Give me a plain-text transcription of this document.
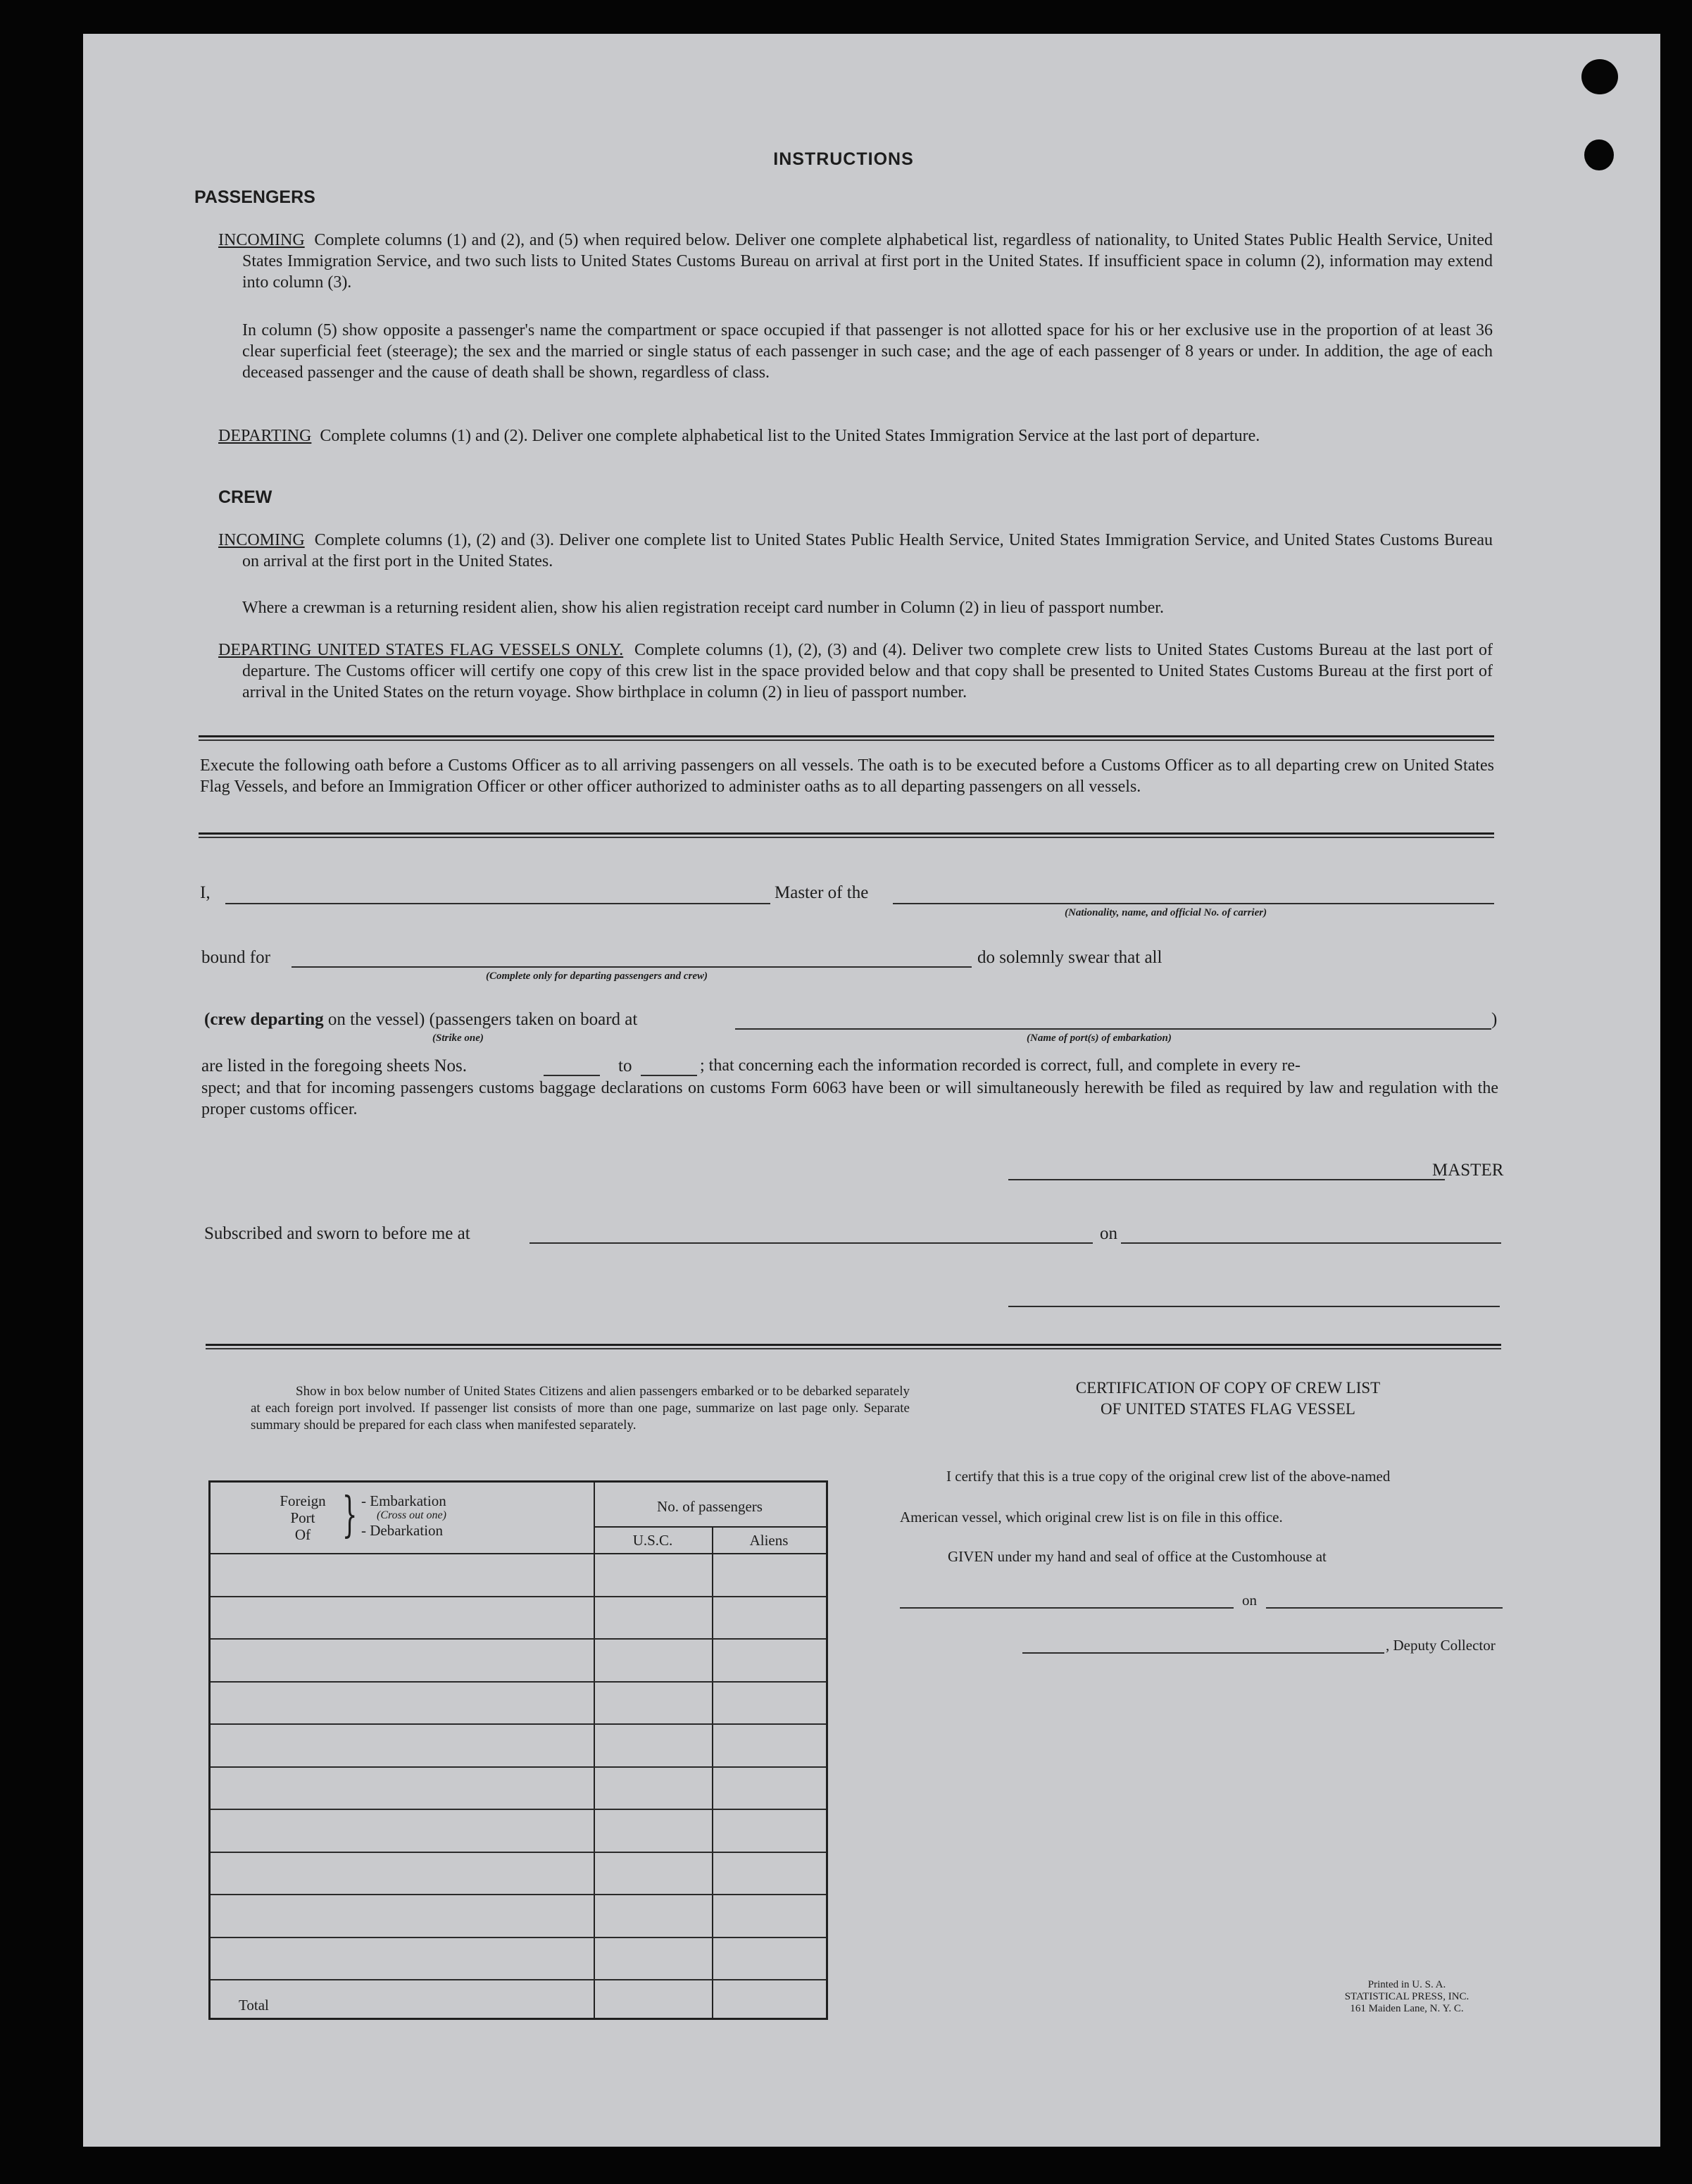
INSTRUCTIONS
PASSENGERS
INCOMING Complete columns (1) and (2), and (5) when required below. Deliver one complete alphabetical list, regardless of nationality, to United States Public Health Service, United States Immigration Service, and two such lists to United States Customs Bureau on arrival at first port in the United States. If insufficient space in column (2), information may extend into column (3).
In column (5) show opposite a passenger's name the compartment or space occupied if that passenger is not allotted space for his or her exclusive use in the proportion of at least 36 clear superficial feet (steerage); the sex and the married or single status of each passenger in such case; and the age of each passenger of 8 years or under. In addition, the age of each deceased passenger and the cause of death shall be shown, regardless of class.
DEPARTING Complete columns (1) and (2). Deliver one complete alphabetical list to the United States Immigration Service at the last port of departure.
CREW
INCOMING Complete columns (1), (2) and (3). Deliver one complete list to United States Public Health Service, United States Immigration Service, and United States Customs Bureau on arrival at the first port in the United States.
Where a crewman is a returning resident alien, show his alien registration receipt card number in Column (2) in lieu of passport number.
DEPARTING UNITED STATES FLAG VESSELS ONLY. Complete columns (1), (2), (3) and (4). Deliver two complete crew lists to United States Customs Bureau at the last port of departure. The Customs officer will certify one copy of this crew list in the space provided below and that copy shall be presented to United States Customs Bureau at the first port of arrival in the United States on the return voyage. Show birthplace in column (2) in lieu of passport number.
Execute the following oath before a Customs Officer as to all arriving passengers on all vessels. The oath is to be executed before a Customs Officer as to all departing crew on United States Flag Vessels, and before an Immigration Officer or other officer authorized to administer oaths as to all departing passengers on all vessels.
I,	Master of the
(Nationality, name, and official No. of carrier)
bound for
(Complete only for departing passengers and crew)
do solemnly swear that all
(crew departing on the vessel) (passengers taken on board at
(Strike one)
)
(Name of port(s) of embarkation)
are listed in the foregoing sheets Nos.	to	; that concerning each the information recorded is correct, full, and complete in every re-
spect; and that for incoming passengers customs baggage declarations on customs Form 6063 have been or will simultaneously herewith be filed as required by law and regulation with the proper customs officer.
MASTER
Subscribed and sworn to before me at	on
Show in box below number of United States Citizens and alien passengers embarked or to be debarked separately at each foreign port involved. If passenger list consists of more than one page, summarize on last page only. Separate summary should be prepared for each class when manifested separately.
Foreign
Port
Of } - Embarkation
(Cross out one)
- Debarkation
No. of passengers
U.S.C.	Aliens
Total
CERTIFICATION OF COPY OF CREW LIST
OF UNITED STATES FLAG VESSEL
I certify that this is a true copy of the original crew list of the above-named
American vessel, which original crew list is on file in this office.
GIVEN under my hand and seal of office at the Customhouse at
on
, Deputy Collector
Printed in U. S. A.
STATISTICAL PRESS, INC.
161 Maiden Lane, N. Y. C.
